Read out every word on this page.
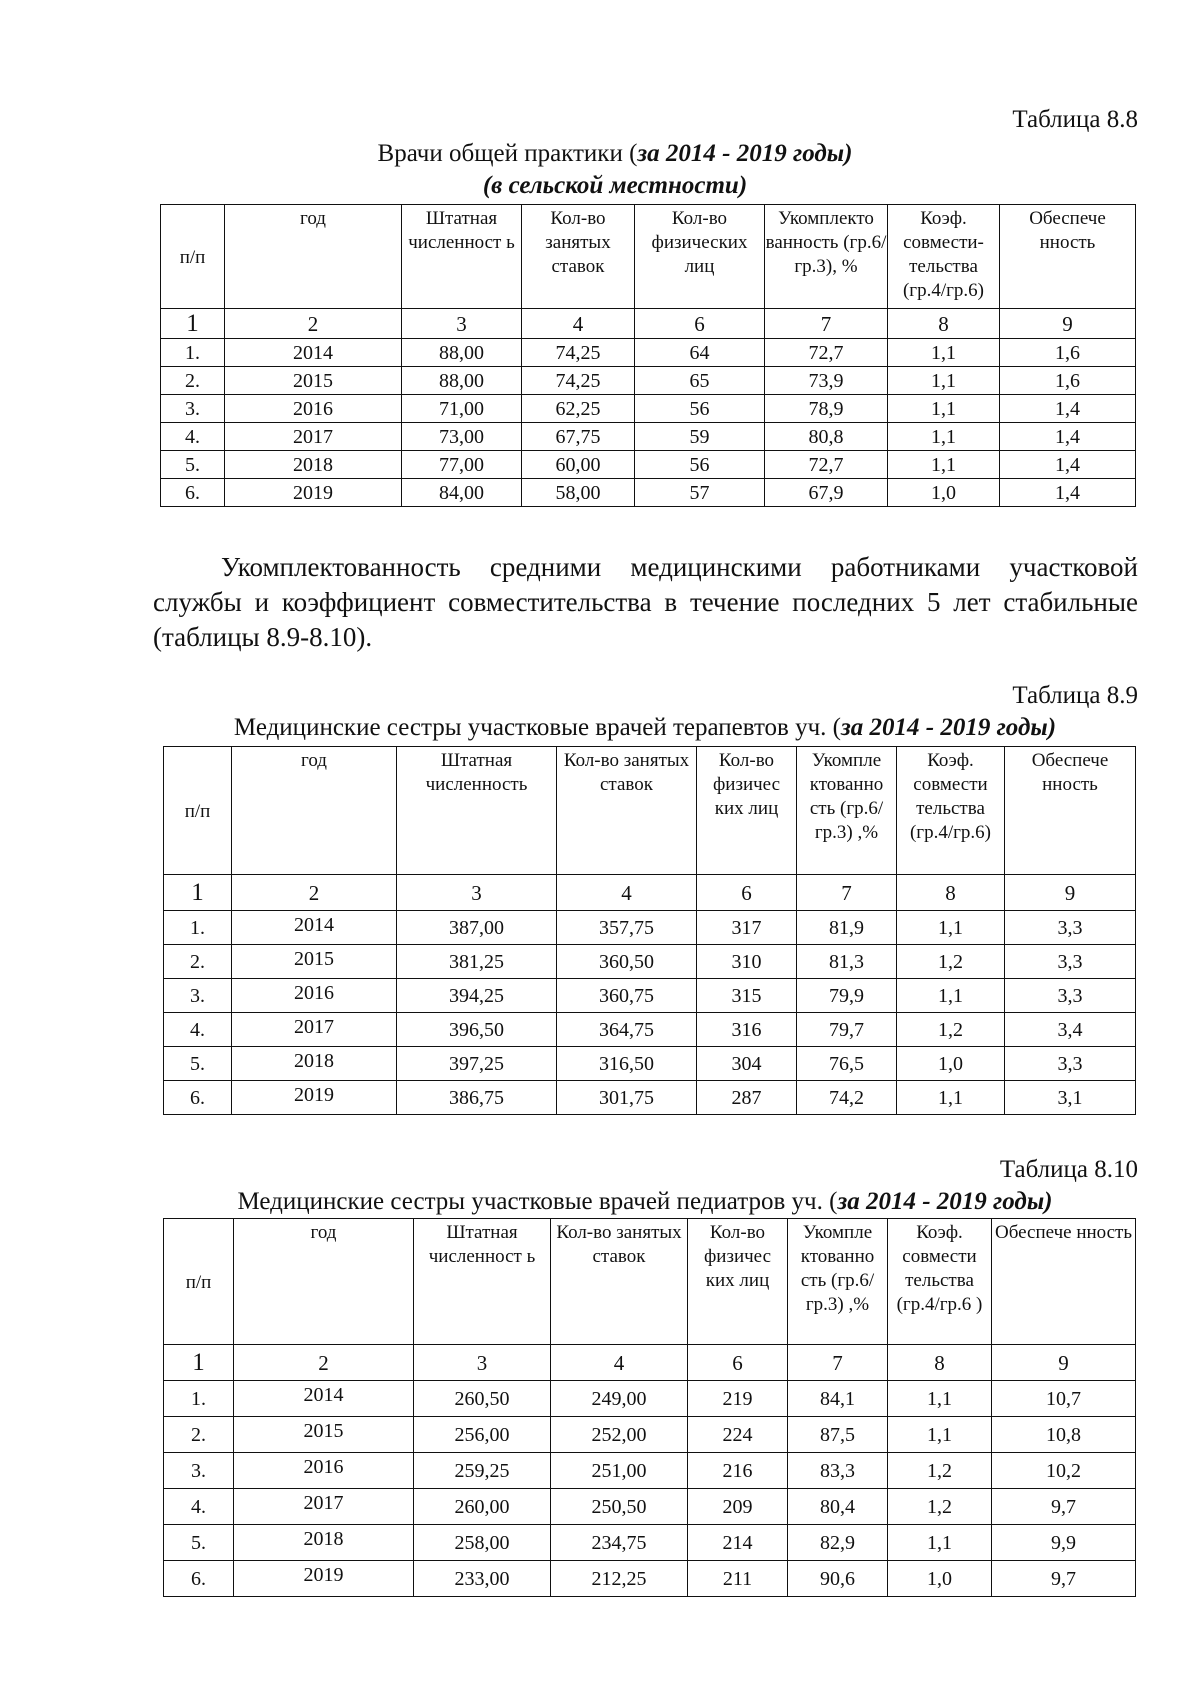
Таблица 8.8
Врачи общей практики (за 2014 - 2019 годы)
(в сельской местности)
п/п	год	Штатная численност ь	Кол-во занятых ставок	Кол-во физических лиц	Укомплекто ванность (гр.6/гр.3), %	Коэф. совмести- тельства (гр.4/гр.6)	Обеспече нность
1	2	3	4	6	7	8	9
1.	2014	88,00	74,25	64	72,7	1,1	1,6
2.	2015	88,00	74,25	65	73,9	1,1	1,6
3.	2016	71,00	62,25	56	78,9	1,1	1,4
4.	2017	73,00	67,75	59	80,8	1,1	1,4
5.	2018	77,00	60,00	56	72,7	1,1	1,4
6.	2019	84,00	58,00	57	67,9	1,0	1,4

Укомплектованность средними медицинскими работниками участковой службы и коэффициент совместительства в течение последних 5 лет стабильные (таблицы 8.9-8.10).

Таблица 8.9
Медицинские сестры участковые врачей терапевтов уч. (за 2014 - 2019 годы)
п/п	год	Штатная численность	Кол-во занятых ставок	Кол-во физичес ких лиц	Укомпле ктованно сть (гр.6/гр.3) ,%	Коэф. совмести тельства (гр.4/гр.6)	Обеспече нность
1	2	3	4	6	7	8	9
1.	2014	387,00	357,75	317	81,9	1,1	3,3
2.	2015	381,25	360,50	310	81,3	1,2	3,3
3.	2016	394,25	360,75	315	79,9	1,1	3,3
4.	2017	396,50	364,75	316	79,7	1,2	3,4
5.	2018	397,25	316,50	304	76,5	1,0	3,3
6.	2019	386,75	301,75	287	74,2	1,1	3,1
Таблица 8.10
Медицинские сестры участковые врачей педиатров уч. (за 2014 - 2019 годы)
п/п	год	Штатная численност ь	Кол-во занятых ставок	Кол-во физичес ких лиц	Укомпле ктованно сть (гр.6/гр.3) ,%	Коэф. совмести тельства (гр.4/гр.6 )	Обеспече нность
1	2	3	4	6	7	8	9
1.	2014	260,50	249,00	219	84,1	1,1	10,7
2.	2015	256,00	252,00	224	87,5	1,1	10,8
3.	2016	259,25	251,00	216	83,3	1,2	10,2
4.	2017	260,00	250,50	209	80,4	1,2	9,7
5.	2018	258,00	234,75	214	82,9	1,1	9,9
6.	2019	233,00	212,25	211	90,6	1,0	9,7
